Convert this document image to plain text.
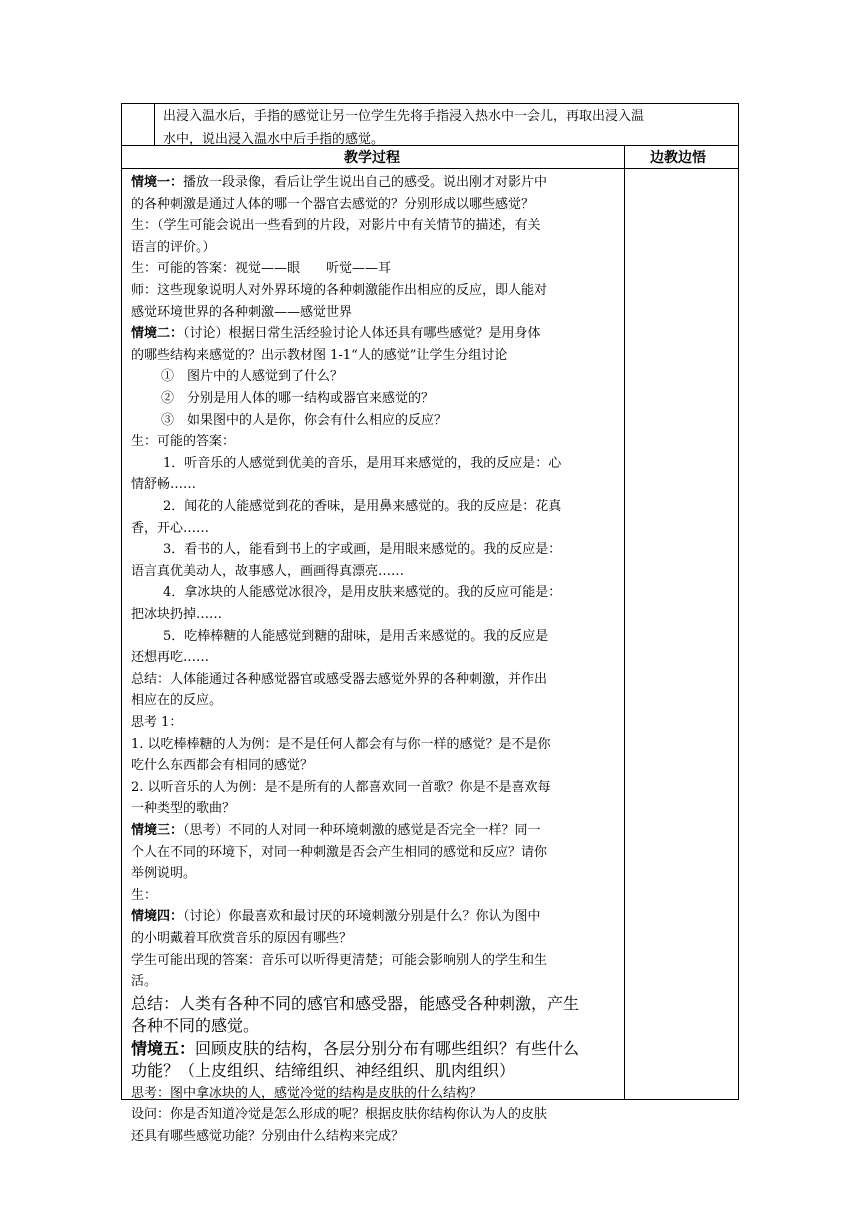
出浸入温水后，手指的感觉让另一位学生先将手指浸入热水中一会儿，再取出浸入温
水中，说出浸入温水中后手指的感觉。
教学过程	边教边悟
情境一：播放一段录像，看后让学生说出自己的感受。说出刚才对影片中
的各种刺激是通过人体的哪一个器官去感觉的？分别形成以哪些感觉？
生：（学生可能会说出一些看到的片段，对影片中有关情节的描述，有关
语言的评价。）
生：可能的答案：视觉——眼　　听觉——耳
师：这些现象说明人对外界环境的各种刺激能作出相应的反应，即人能对
感觉环境世界的各种刺激——感觉世界
情境二：（讨论）根据日常生活经验讨论人体还具有哪些感觉？是用身体
的哪些结构来感觉的？出示教材图 1-1“人的感觉”让学生分组讨论
①　图片中的人感觉到了什么？
②　分别是用人体的哪一结构或器官来感觉的？
③　如果图中的人是你，你会有什么相应的反应？
生：可能的答案：
1．听音乐的人感觉到优美的音乐，是用耳来感觉的，我的反应是：心
情舒畅……
2．闻花的人能感觉到花的香味，是用鼻来感觉的。我的反应是：花真
香，开心……
3．看书的人，能看到书上的字或画，是用眼来感觉的。我的反应是：
语言真优美动人，故事感人，画画得真漂亮……
4．拿冰块的人能感觉冰很冷，是用皮肤来感觉的。我的反应可能是：
把冰块扔掉……
5．吃棒棒糖的人能感觉到糖的甜味，是用舌来感觉的。我的反应是
还想再吃……
总结：人体能通过各种感觉器官或感受器去感觉外界的各种刺激，并作出
相应在的反应。
思考 1：
1. 以吃棒棒糖的人为例：是不是任何人都会有与你一样的感觉？是不是你
吃什么东西都会有相同的感觉？
2. 以听音乐的人为例：是不是所有的人都喜欢同一首歌？你是不是喜欢每
一种类型的歌曲？
情境三：（思考）不同的人对同一种环境刺激的感觉是否完全一样？同一
个人在不同的环境下，对同一种刺激是否会产生相同的感觉和反应？请你
举例说明。
生：
情境四：（讨论）你最喜欢和最讨厌的环境刺激分别是什么？你认为图中
的小明戴着耳欣赏音乐的原因有哪些？
学生可能出现的答案：音乐可以听得更清楚；可能会影响别人的学生和生
活。
总结：人类有各种不同的感官和感受器，能感受各种刺激，产生
各种不同的感觉。
情境五：回顾皮肤的结构，各层分别分布有哪些组织？有些什么
功能？（上皮组织、结缔组织、神经组织、肌肉组织）
思考：图中拿冰块的人，感觉冷觉的结构是皮肤的什么结构？
设问：你是否知道冷觉是怎么形成的呢？根据皮肤你结构你认为人的皮肤
还具有哪些感觉功能？分别由什么结构来完成？
